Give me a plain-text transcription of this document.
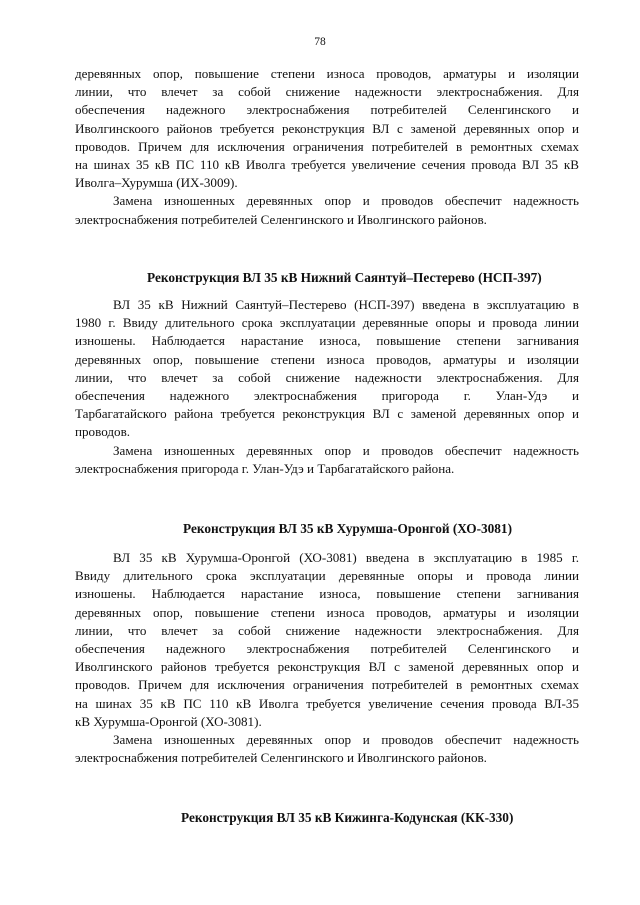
78
деревянных опор, повышение степени износа проводов, арматуры и изоляции
линии, что влечет за собой снижение надежности электроснабжения. Для
обеспечения надежного электроснабжения потребителей Селенгинского и
Иволгинскоого районов требуется реконструкция ВЛ с заменой деревянных опор и
проводов. Причем для исключения ограничения потребителей в ремонтных схемах
на шинах 35 кВ ПС 110 кВ Иволга требуется увеличение сечения провода ВЛ 35 кВ
Иволга–Хурумша (ИХ-3009).
Замена изношенных деревянных опор и проводов обеспечит надежность
электроснабжения потребителей Селенгинского и Иволгинского районов.
Реконструкция ВЛ 35 кВ Нижний Саянтуй–Пестерево (НСП-397)
ВЛ 35 кВ Нижний Саянтуй–Пестерево (НСП-397) введена в эксплуатацию в
1980 г. Ввиду длительного срока эксплуатации деревянные опоры и провода линии
изношены. Наблюдается нарастание износа, повышение степени загнивания
деревянных опор, повышение степени износа проводов, арматуры и изоляции
линии, что влечет за собой снижение надежности электроснабжения. Для
обеспечения надежного электроснабжения пригорода г. Улан-Удэ и
Тарбагатайского района требуется реконструкция ВЛ с заменой деревянных опор и
проводов.
Замена изношенных деревянных опор и проводов обеспечит надежность
электроснабжения пригорода г. Улан-Удэ и Тарбагатайского района.
Реконструкция ВЛ 35 кВ Хурумша-Оронгой (ХО-3081)
ВЛ 35 кВ Хурумша-Оронгой (ХО-3081) введена в эксплуатацию в 1985 г.
Ввиду длительного срока эксплуатации деревянные опоры и провода линии
изношены. Наблюдается нарастание износа, повышение степени загнивания
деревянных опор, повышение степени износа проводов, арматуры и изоляции
линии, что влечет за собой снижение надежности электроснабжения. Для
обеспечения надежного электроснабжения потребителей Селенгинского и
Иволгинского районов требуется реконструкция ВЛ с заменой деревянных опор и
проводов. Причем для исключения ограничения потребителей в ремонтных схемах
на шинах 35 кВ ПС 110 кВ Иволга требуется увеличение сечения провода ВЛ-35
кВ Хурумша-Оронгой (ХО-3081).
Замена изношенных деревянных опор и проводов обеспечит надежность
электроснабжения потребителей Селенгинского и Иволгинского районов.
Реконструкция ВЛ 35 кВ Кижинга-Кодунская (КК-330)
